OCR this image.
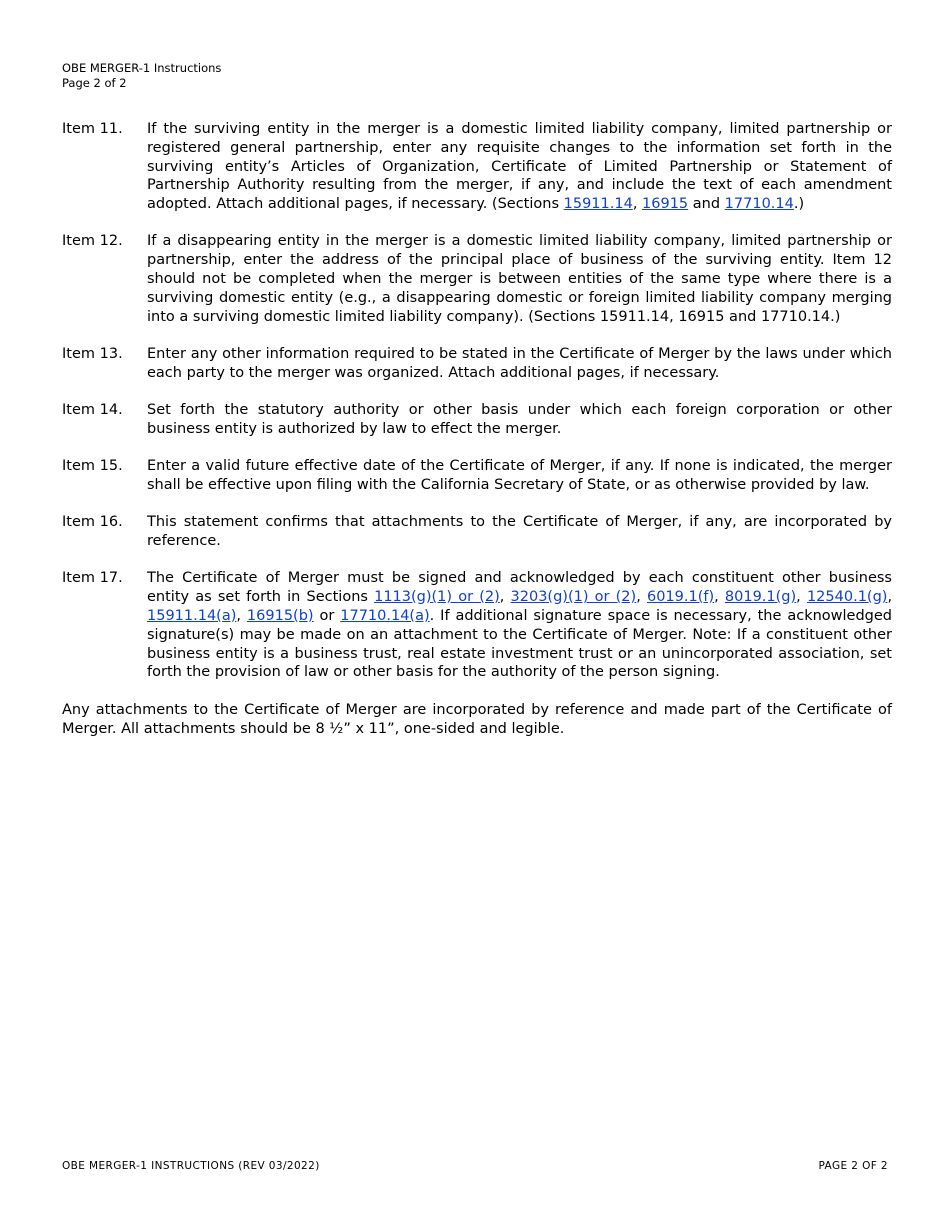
OBE MERGER-1 Instructions
Page 2 of 2
Item 11.	If the surviving entity in the merger is a domestic limited liability company, limited partnership or registered general partnership, enter any requisite changes to the information set forth in the surviving entity’s Articles of Organization, Certificate of Limited Partnership or Statement of Partnership Authority resulting from the merger, if any, and include the text of each amendment adopted. Attach additional pages, if necessary. (Sections 15911.14, 16915 and 17710.14.)
Item 12.	If a disappearing entity in the merger is a domestic limited liability company, limited partnership or partnership, enter the address of the principal place of business of the surviving entity. Item 12 should not be completed when the merger is between entities of the same type where there is a surviving domestic entity (e.g., a disappearing domestic or foreign limited liability company merging into a surviving domestic limited liability company). (Sections 15911.14, 16915 and 17710.14.)
Item 13.	Enter any other information required to be stated in the Certificate of Merger by the laws under which each party to the merger was organized. Attach additional pages, if necessary.
Item 14.	Set forth the statutory authority or other basis under which each foreign corporation or other business entity is authorized by law to effect the merger.
Item 15.	Enter a valid future effective date of the Certificate of Merger, if any. If none is indicated, the merger shall be effective upon filing with the California Secretary of State, or as otherwise provided by law.
Item 16.	This statement confirms that attachments to the Certificate of Merger, if any, are incorporated by reference.
Item 17.	The Certificate of Merger must be signed and acknowledged by each constituent other business entity as set forth in Sections 1113(g)(1) or (2), 3203(g)(1) or (2), 6019.1(f), 8019.1(g), 12540.1(g), 15911.14(a), 16915(b) or 17710.14(a). If additional signature space is necessary, the acknowledged signature(s) may be made on an attachment to the Certificate of Merger. Note: If a constituent other business entity is a business trust, real estate investment trust or an unincorporated association, set forth the provision of law or other basis for the authority of the person signing.
Any attachments to the Certificate of Merger are incorporated by reference and made part of the Certificate of Merger. All attachments should be 8 ½” x 11”, one-sided and legible.
OBE MERGER-1 INSTRUCTIONS (REV 03/2022)	PAGE 2 OF 2
